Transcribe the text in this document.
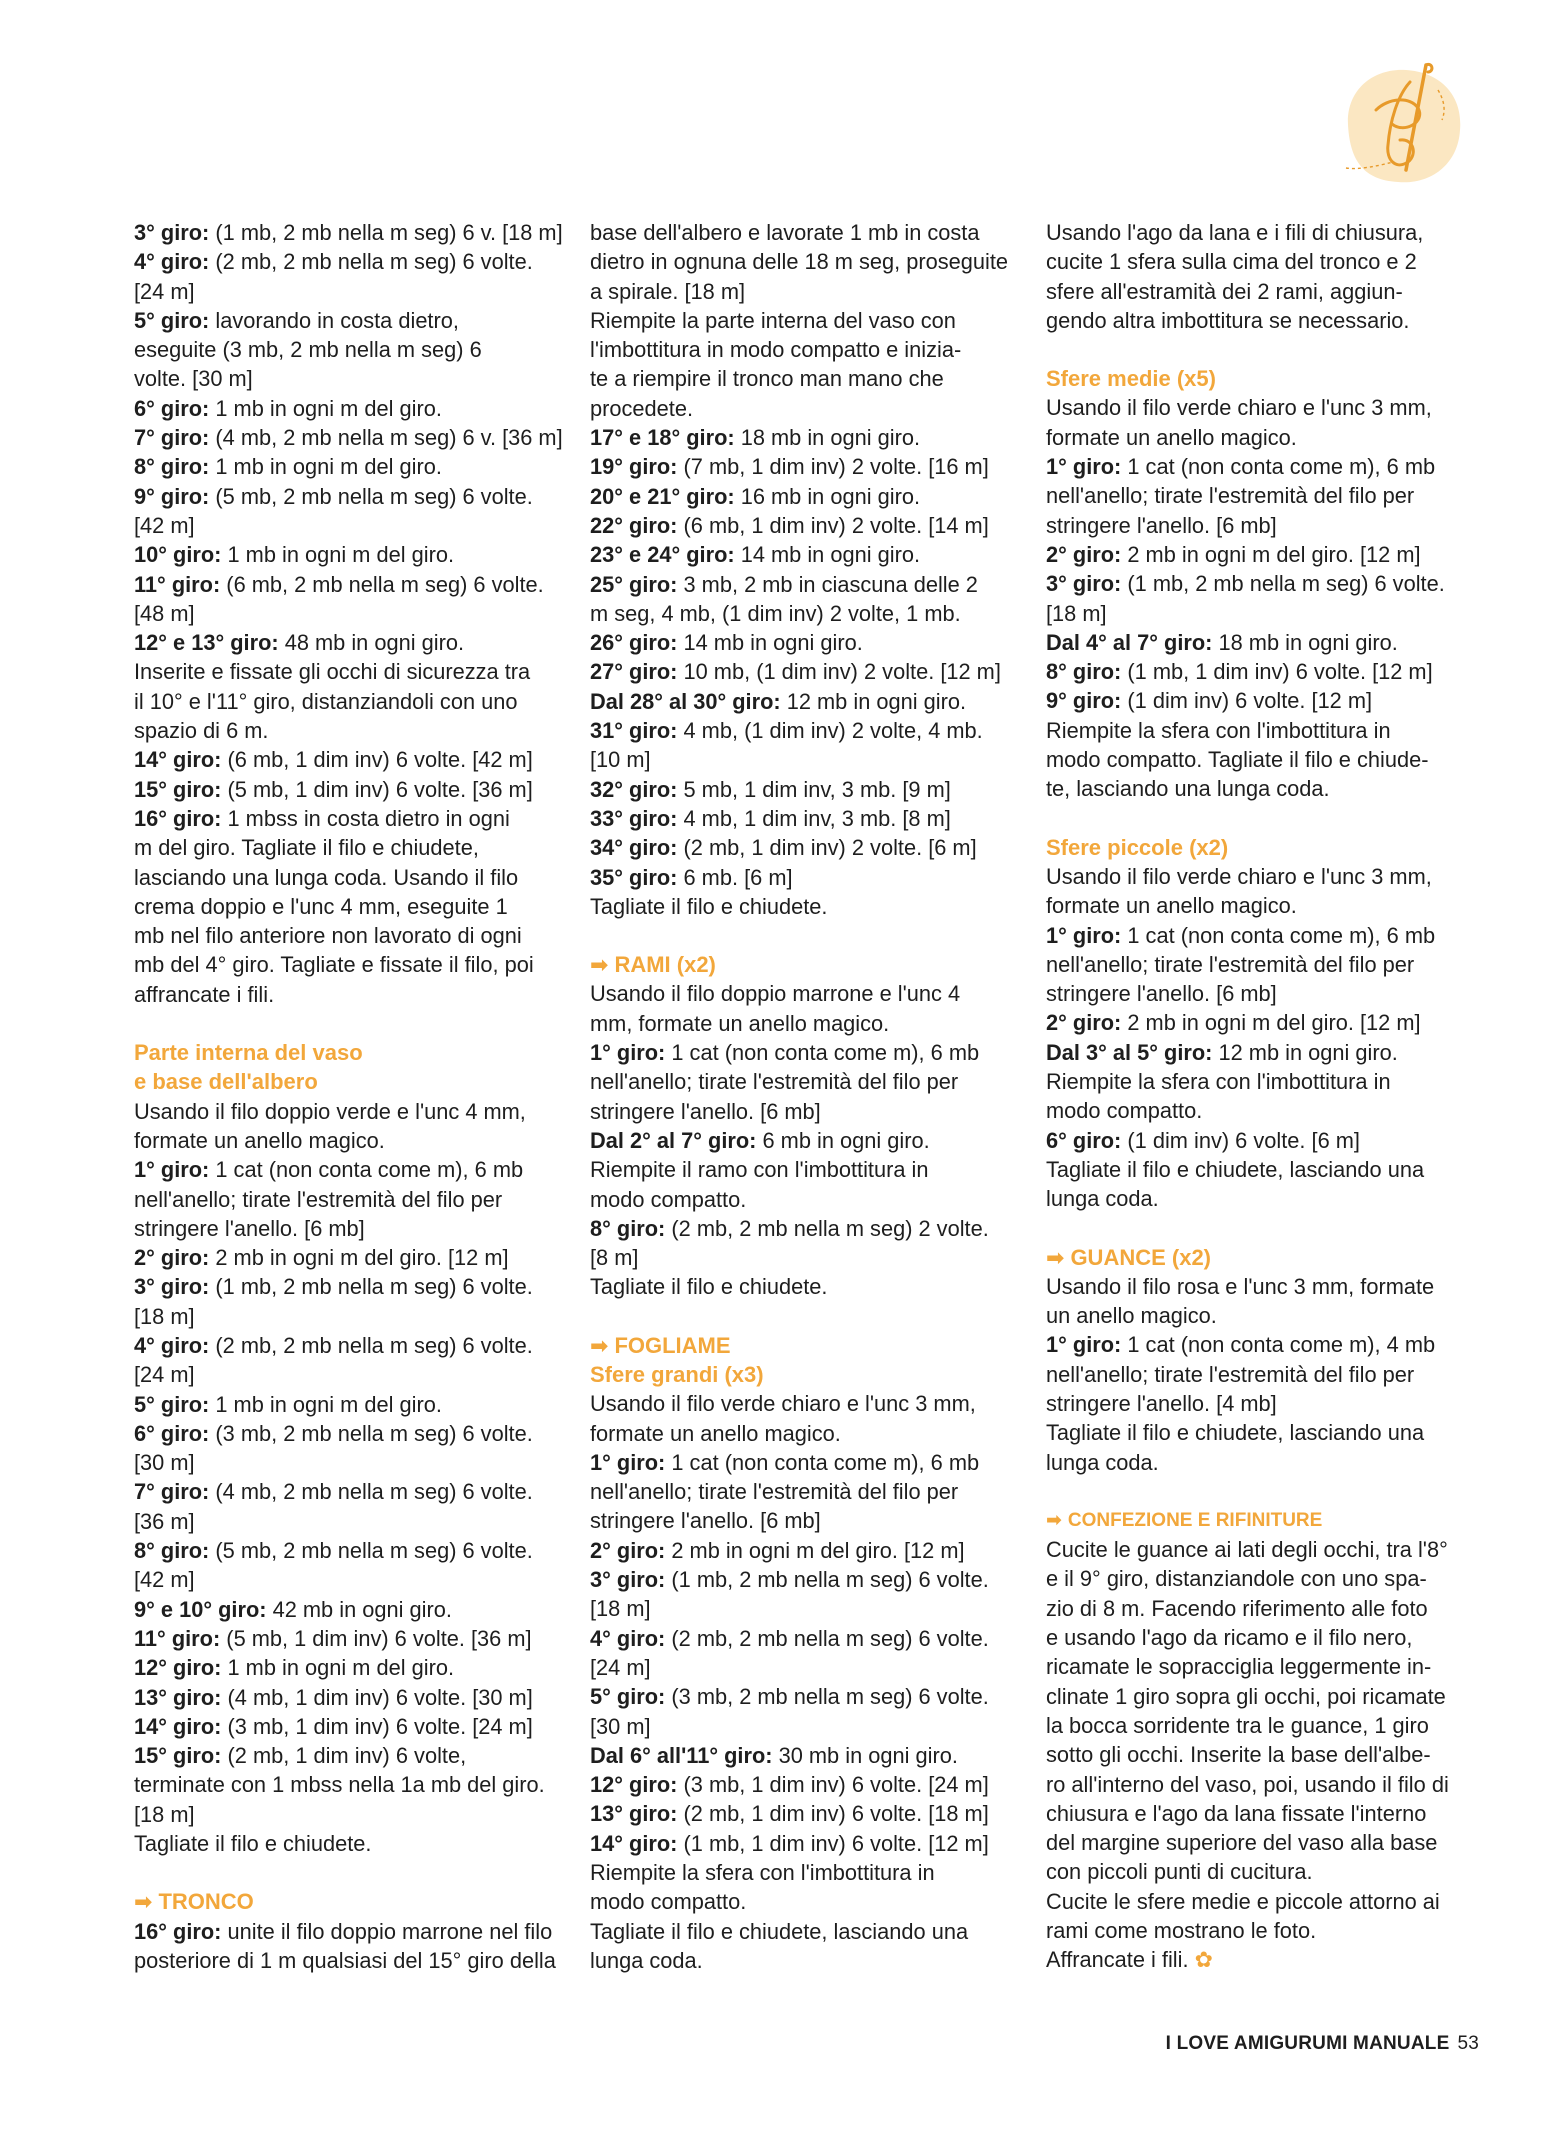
3° giro: (1 mb, 2 mb nella m seg) 6 v. [18 m]
4° giro: (2 mb, 2 mb nella m seg) 6 volte.
[24 m]
5° giro: lavorando in costa dietro,
eseguite (3 mb, 2 mb nella m seg) 6
volte. [30 m]
6° giro: 1 mb in ogni m del giro.
7° giro: (4 mb, 2 mb nella m seg) 6 v. [36 m]
8° giro: 1 mb in ogni m del giro.
9° giro: (5 mb, 2 mb nella m seg) 6 volte.
[42 m]
10° giro: 1 mb in ogni m del giro.
11° giro: (6 mb, 2 mb nella m seg) 6 volte.
[48 m]
12° e 13° giro: 48 mb in ogni giro.
Inserite e fissate gli occhi di sicurezza tra
il 10° e l'11° giro, distanziandoli con uno
spazio di 6 m.
14° giro: (6 mb, 1 dim inv) 6 volte. [42 m]
15° giro: (5 mb, 1 dim inv) 6 volte. [36 m]
16° giro: 1 mbss in costa dietro in ogni
m del giro. Tagliate il filo e chiudete,
lasciando una lunga coda. Usando il filo
crema doppio e l'unc 4 mm, eseguite 1
mb nel filo anteriore non lavorato di ogni
mb del 4° giro. Tagliate e fissate il filo, poi
affrancate i fili.
Parte interna del vaso
e base dell'albero
Usando il filo doppio verde e l'unc 4 mm,
formate un anello magico.
1° giro: 1 cat (non conta come m), 6 mb
nell'anello; tirate l'estremità del filo per
stringere l'anello. [6 mb]
2° giro: 2 mb in ogni m del giro. [12 m]
3° giro: (1 mb, 2 mb nella m seg) 6 volte.
[18 m]
4° giro: (2 mb, 2 mb nella m seg) 6 volte.
[24 m]
5° giro: 1 mb in ogni m del giro.
6° giro: (3 mb, 2 mb nella m seg) 6 volte.
[30 m]
7° giro: (4 mb, 2 mb nella m seg) 6 volte.
[36 m]
8° giro: (5 mb, 2 mb nella m seg) 6 volte.
[42 m]
9° e 10° giro: 42 mb in ogni giro.
11° giro: (5 mb, 1 dim inv) 6 volte. [36 m]
12° giro: 1 mb in ogni m del giro.
13° giro: (4 mb, 1 dim inv) 6 volte. [30 m]
14° giro: (3 mb, 1 dim inv) 6 volte. [24 m]
15° giro: (2 mb, 1 dim inv) 6 volte,
terminate con 1 mbss nella 1a mb del giro.
[18 m]
Tagliate il filo e chiudete.
➡ TRONCO
16° giro: unite il filo doppio marrone nel filo
posteriore di 1 m qualsiasi del 15° giro della
base dell'albero e lavorate 1 mb in costa
dietro in ognuna delle 18 m seg, proseguite
a spirale. [18 m]
Riempite la parte interna del vaso con
l'imbottitura in modo compatto e inizia-
te a riempire il tronco man mano che
procedete.
17° e 18° giro: 18 mb in ogni giro.
19° giro: (7 mb, 1 dim inv) 2 volte. [16 m]
20° e 21° giro: 16 mb in ogni giro.
22° giro: (6 mb, 1 dim inv) 2 volte. [14 m]
23° e 24° giro: 14 mb in ogni giro.
25° giro: 3 mb, 2 mb in ciascuna delle 2
m seg, 4 mb, (1 dim inv) 2 volte, 1 mb.
26° giro: 14 mb in ogni giro.
27° giro: 10 mb, (1 dim inv) 2 volte. [12 m]
Dal 28° al 30° giro: 12 mb in ogni giro.
31° giro: 4 mb, (1 dim inv) 2 volte, 4 mb.
[10 m]
32° giro: 5 mb, 1 dim inv, 3 mb. [9 m]
33° giro: 4 mb, 1 dim inv, 3 mb. [8 m]
34° giro: (2 mb, 1 dim inv) 2 volte. [6 m]
35° giro: 6 mb. [6 m]
Tagliate il filo e chiudete.
➡ RAMI (x2)
Usando il filo doppio marrone e l'unc 4
mm, formate un anello magico.
1° giro: 1 cat (non conta come m), 6 mb
nell'anello; tirate l'estremità del filo per
stringere l'anello. [6 mb]
Dal 2° al 7° giro: 6 mb in ogni giro.
Riempite il ramo con l'imbottitura in
modo compatto.
8° giro: (2 mb, 2 mb nella m seg) 2 volte.
[8 m]
Tagliate il filo e chiudete.
➡ FOGLIAME
Sfere grandi (x3)
Usando il filo verde chiaro e l'unc 3 mm,
formate un anello magico.
1° giro: 1 cat (non conta come m), 6 mb
nell'anello; tirate l'estremità del filo per
stringere l'anello. [6 mb]
2° giro: 2 mb in ogni m del giro. [12 m]
3° giro: (1 mb, 2 mb nella m seg) 6 volte.
[18 m]
4° giro: (2 mb, 2 mb nella m seg) 6 volte.
[24 m]
5° giro: (3 mb, 2 mb nella m seg) 6 volte.
[30 m]
Dal 6° all'11° giro: 30 mb in ogni giro.
12° giro: (3 mb, 1 dim inv) 6 volte. [24 m]
13° giro: (2 mb, 1 dim inv) 6 volte. [18 m]
14° giro: (1 mb, 1 dim inv) 6 volte. [12 m]
Riempite la sfera con l'imbottitura in
modo compatto.
Tagliate il filo e chiudete, lasciando una
lunga coda.
Usando l'ago da lana e i fili di chiusura,
cucite 1 sfera sulla cima del tronco e 2
sfere all'estramità dei 2 rami, aggiun-
gendo altra imbottitura se necessario.
Sfere medie (x5)
Usando il filo verde chiaro e l'unc 3 mm,
formate un anello magico.
1° giro: 1 cat (non conta come m), 6 mb
nell'anello; tirate l'estremità del filo per
stringere l'anello. [6 mb]
2° giro: 2 mb in ogni m del giro. [12 m]
3° giro: (1 mb, 2 mb nella m seg) 6 volte.
[18 m]
Dal 4° al 7° giro: 18 mb in ogni giro.
8° giro: (1 mb, 1 dim inv) 6 volte. [12 m]
9° giro: (1 dim inv) 6 volte. [12 m]
Riempite la sfera con l'imbottitura in
modo compatto. Tagliate il filo e chiude-
te, lasciando una lunga coda.
Sfere piccole (x2)
Usando il filo verde chiaro e l'unc 3 mm,
formate un anello magico.
1° giro: 1 cat (non conta come m), 6 mb
nell'anello; tirate l'estremità del filo per
stringere l'anello. [6 mb]
2° giro: 2 mb in ogni m del giro. [12 m]
Dal 3° al 5° giro: 12 mb in ogni giro.
Riempite la sfera con l'imbottitura in
modo compatto.
6° giro: (1 dim inv) 6 volte. [6 m]
Tagliate il filo e chiudete, lasciando una
lunga coda.
➡ GUANCE (x2)
Usando il filo rosa e l'unc 3 mm, formate
un anello magico.
1° giro: 1 cat (non conta come m), 4 mb
nell'anello; tirate l'estremità del filo per
stringere l'anello. [4 mb]
Tagliate il filo e chiudete, lasciando una
lunga coda.
➡ CONFEZIONE E RIFINITURE
Cucite le guance ai lati degli occhi, tra l'8°
e il 9° giro, distanziandole con uno spa-
zio di 8 m. Facendo riferimento alle foto
e usando l'ago da ricamo e il filo nero,
ricamate le sopracciglia leggermente in-
clinate 1 giro sopra gli occhi, poi ricamate
la bocca sorridente tra le guance, 1 giro
sotto gli occhi. Inserite la base dell'albe-
ro all'interno del vaso, poi, usando il filo di
chiusura e l'ago da lana fissate l'interno
del margine superiore del vaso alla base
con piccoli punti di cucitura.
Cucite le sfere medie e piccole attorno ai
rami come mostrano le foto.
Affrancate i fili. ✿
I LOVE AMIGURUMI MANUALE 53
